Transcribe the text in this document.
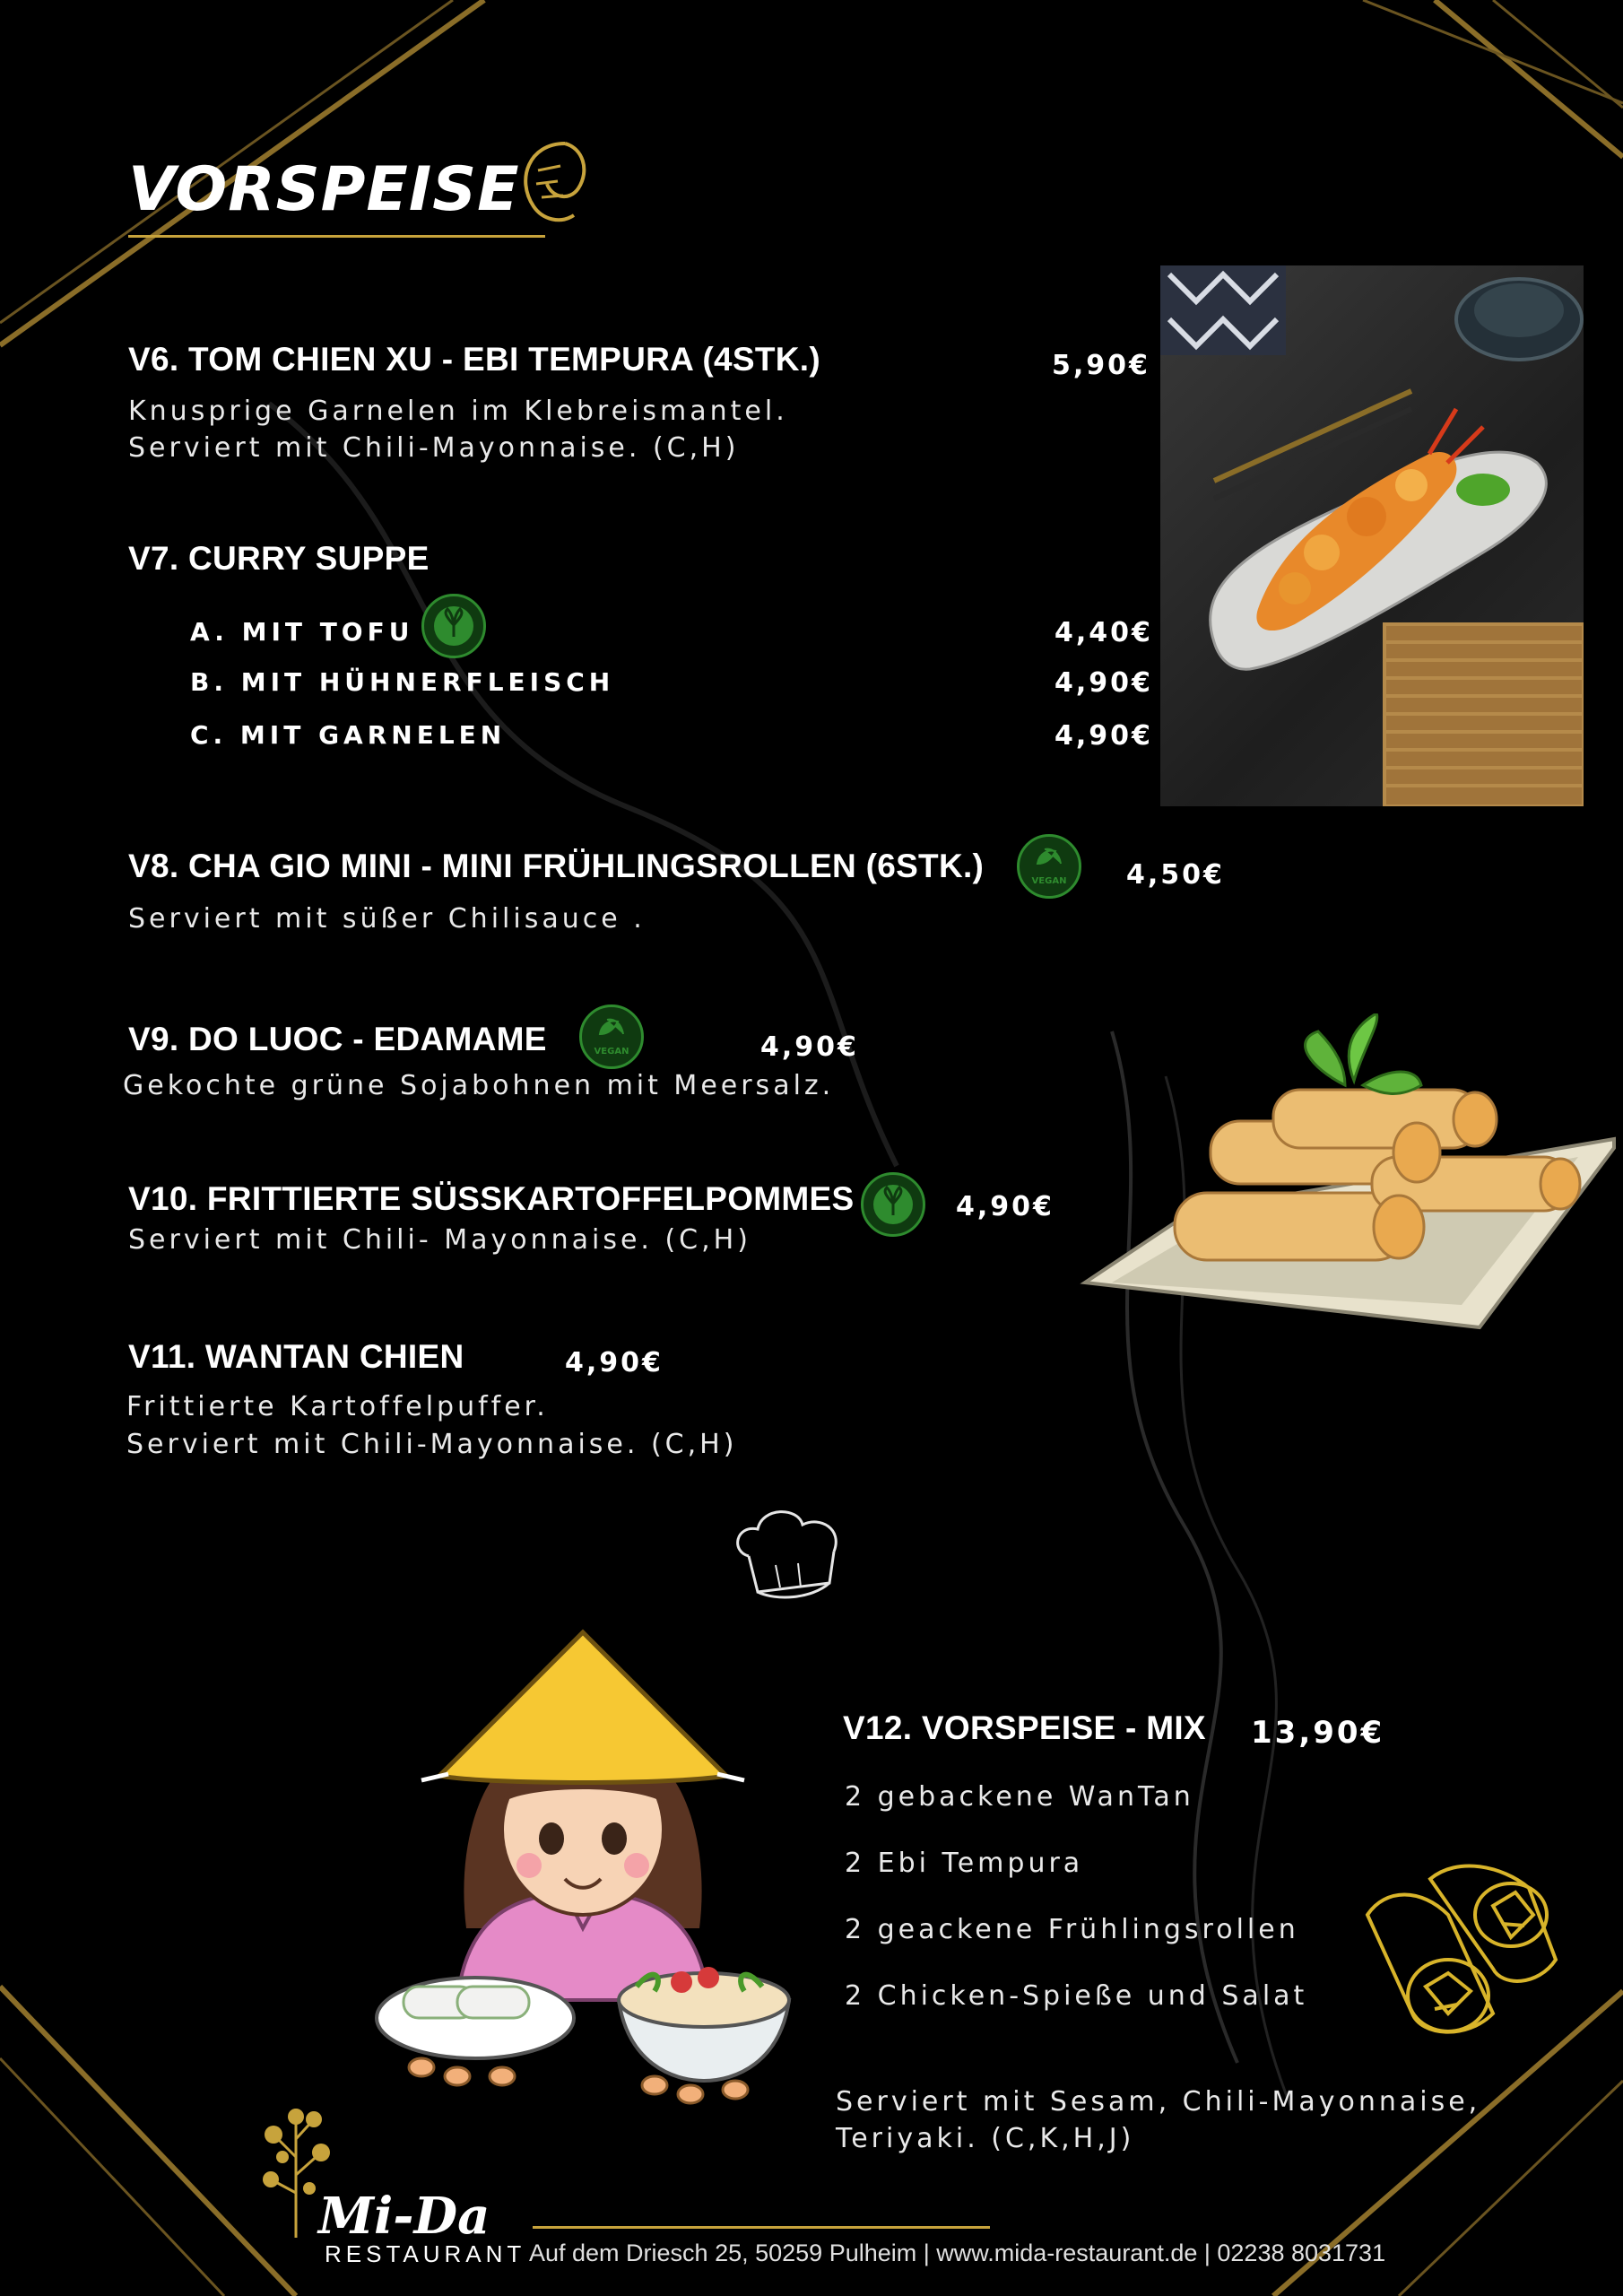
VORSPEISE
V6. TOM CHIEN XU - EBI TEMPURA (4STK.)	5,90€
Knusprige Garnelen im Klebreismantel.
Serviert mit Chili-Mayonnaise. (C,H)
V7. CURRY SUPPE
A. MIT TOFU	4,40€
B. MIT HÜHNERFLEISCH	4,90€
C. MIT GARNELEN	4,90€
V8. CHA GIO MINI - MINI FRÜHLINGSROLLEN (6STK.)	VEGAN 4,50€
Serviert mit süßer Chilisauce .
V9. DO LUOC - EDAMAME	VEGAN	4,90€
Gekochte grüne Sojabohnen mit Meersalz.
V10. FRITTIERTE SÜSSKARTOFFELPOMMES	4,90€
Serviert mit Chili- Mayonnaise. (C,H)
V11. WANTAN CHIEN	4,90€
Frittierte Kartoffelpuffer.
Serviert mit Chili-Mayonnaise. (C,H)
V12. VORSPEISE - MIX 13,90€
2 gebackene WanTan
2 Ebi Tempura
2 geackene Frühlingsrollen
2 Chicken-Spieße und Salat
Serviert mit Sesam, Chili-Mayonnaise,
Teriyaki. (C,K,H,J)
Mi-Da
RESTAURANT Auf dem Driesch 25, 50259 Pulheim | www.mida-restaurant.de | 02238 8031731
